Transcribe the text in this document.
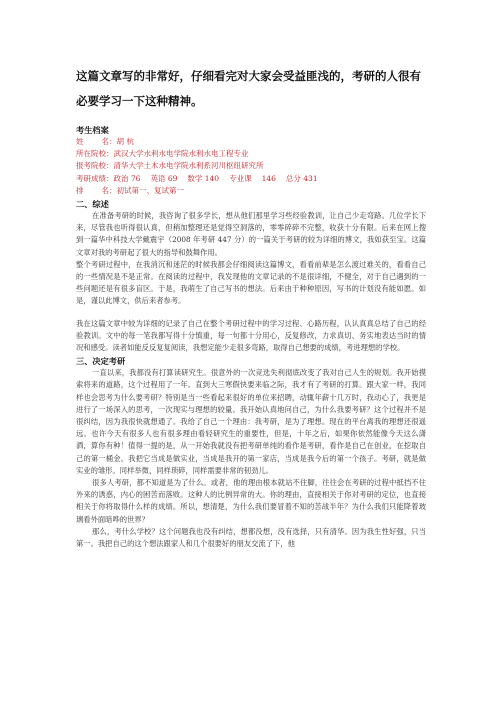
这篇文章写的非常好，仔细看完对大家会受益匪浅的，考研的人很有

必要学习一下这种精神。

考生档案

姓 名：胡 杭

所在院校：武汉大学水利水电学院水利水电工程专业

报考院校：清华大学土木水电学院水利系河川枢纽研究所

考研成绩：政治 76 英语 69 数学 140 专业课 146 总分 431

排 名：初试第一、复试第一

二、综述

在准备考研的时候，我咨询了很多学长，想从他们那里学习些经验教训，让自己少走弯路。几位学长下来，尽管我也听得很认真，但稍加整理还是觉得空洞落的，零零碎碎不完整，收获十分有限。后来在网上搜到一篇华中科技大学戴震宇（2008 年考研 447 分）的一篇关于考研的较为详细的博文，我如获至宝。这篇文章对我的考研起了很大的指导和鼓舞作用。

整个考研过程中，在我消沉和迷茫的时候我都会仔细阅读这篇博文，看看前辈是怎么渡过难关的，看看自己的一些情况是不是正常。在阅读的过程中，我发现他的文章记录的不是很详细，不健全，对于自己遇到的一些问题还是有很多盲区。于是，我萌生了自己写书的想法。后来由于种种原因，写书的计划没有能如愿。如是，谨以此博文，供后来者参考。

我在这篇文章中较为详细的记录了自己在整个考研过程中的学习过程、心路历程，认认真真总结了自己的经验教训。文中的每一笔我都写得十分慎重，每一句都十分用心，反复修改，力求真切、务实地表达当时的情况和感受。读者如能反反复复阅读，我想定能少走很多弯路，取得自己想要的成绩，考进理想的学校。

三、决定考研

一直以来，我都没有打算读研究生。很意外的一次竞选失利彻底改变了我对自己人生的规划。我开始摸索将来的道路，这个过程用了一年。直到大三寒假快要来临之际，我才有了考研的打算。跟大家一样，我同样也会思考为什么要考研？特别是当一些看起来很好的单位来招聘，动辄年薪十几万时，我动心了，我更是进行了一场深入的思考，一次现实与理想的较量。我开始认真地问自己，为什么我要考研？这个过程并不是很纠结，因为我很快就想通了。我给了自己一个理由：我考研，是为了理想。现在的平台离我的理想还很遥远。也许今天有很多人也有很多理由看轻研究生的重要性，但是，十年之后，如果你依然能像今天这么潇洒，算你有种！值得一提的是，从一开始我就没有把考研单纯的看作是考研，看作是自己在创业，在挖取自己的第一桶金。我把它当成是做实业，当成是我开的第一家店，当成是我今后的第一个孩子。考研，就是做实业的雏形。同样举微，同样琐碎，同样需要非常的韧劲儿。

很多人考研，都不知道是为了什么。或者，他的理由根本就站不住脚，往往会在考研的过程中抵挡不住外来的诱惑，内心的困苦而落败。这种人的比例异常的大。你的理由，直接相关于你对考研的定位，也直接相关于你将取得什么样的成绩。所以，想清楚，为什么我们要冒着不知的苦战半年？为什么我们只能降着玻璃看外面暗哗的世界？

那么，考什么学校？这个问题我也没有纠结，想都没想，没有选择，只有清华。因为我生性好强，只当第一。我把自己的这个想法跟家人和几个很要好的朋友交流了下，他
